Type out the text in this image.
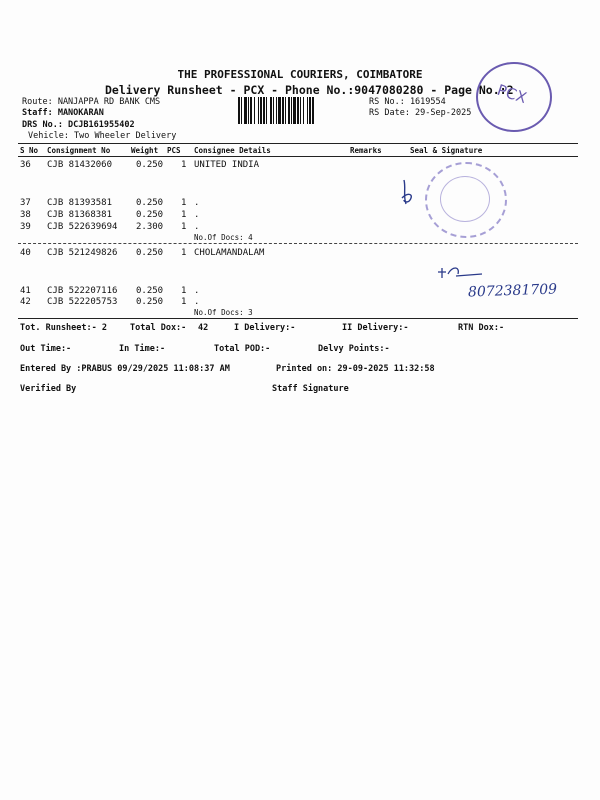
THE PROFESSIONAL COURIERS, COIMBATORE
Delivery Runsheet - PCX - Phone No.:9047080280 - Page No.:2
Route: NANJAPPA RD BANK CMS
Staff: MANOKARAN
DRS No.: DCJB161955402
Vehicle: Two Wheeler Delivery
RS No.: 1619554
RS Date: 29-Sep-2025
PCX
S No Consignment No	Weight PCS Consignee Details	Remarks	Seal & Signature
36 CJB 81432060	0.250 1 UNITED INDIA
37 CJB 81393581	0.250 1 .
38 CJB 81368381	0.250 1 .
39 CJB 522639694 2.300 1 .
No.Of Docs: 4
40 CJB 521249826 0.250 1 CHOLAMANDALAM
41 CJB 522207116 0.250 1 .
42 CJB 522205753 0.250 1 .
No.Of Docs: 3
8072381709
Tot. Runsheet:- 2	Total Dox:- 42	I Delivery:-	II Delivery:-	RTN Dox:-
Out Time:-	In Time:-	Total POD:-	Delvy Points:-
Entered By :PRABUS 09/29/2025 11:08:37 AM	Printed on: 29-09-2025 11:32:58
Verified By	Staff Signature
